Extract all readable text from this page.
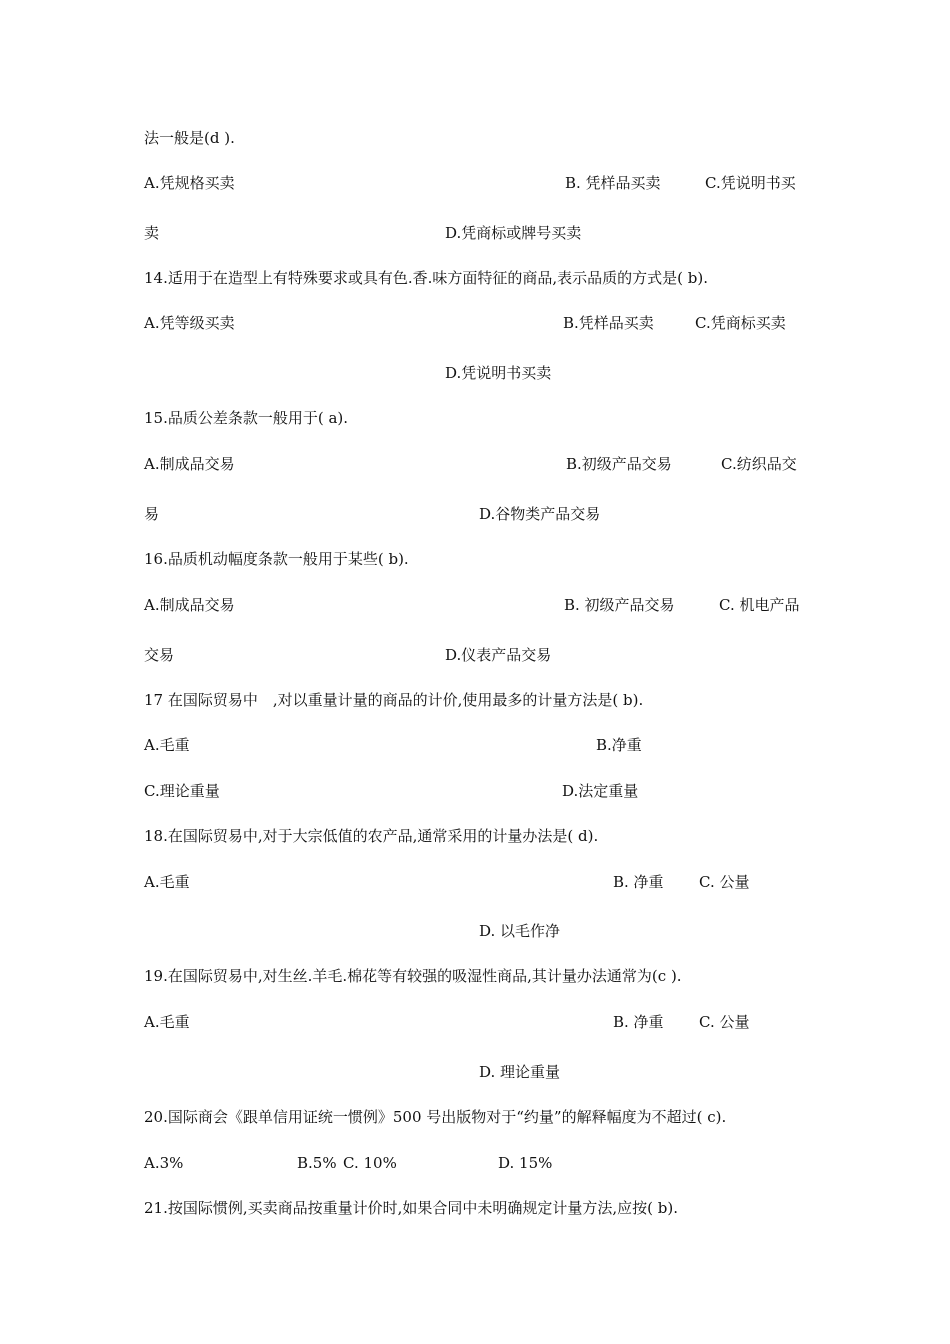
法一般是(d ).
A.凭规格买卖	B. 凭样品买卖	C.凭说明书买
卖	D.凭商标或牌号买卖
14.适用于在造型上有特殊要求或具有色.香.味方面特征的商品,表示品质的方式是( b).
A.凭等级买卖	B.凭样品买卖	C.凭商标买卖
D.凭说明书买卖
15.品质公差条款一般用于( a).
A.制成品交易	B.初级产品交易	C.纺织品交
易	D.谷物类产品交易
16.品质机动幅度条款一般用于某些( b).
A.制成品交易	B. 初级产品交易	C. 机电产品
交易	D.仪表产品交易
17 在国际贸易中　,对以重量计量的商品的计价,使用最多的计量方法是( b).
A.毛重	B.净重
C.理论重量	D.法定重量
18.在国际贸易中,对于大宗低值的农产品,通常采用的计量办法是( d).
A.毛重	B. 净重 C. 公量
D. 以毛作净
19.在国际贸易中,对生丝.羊毛.棉花等有较强的吸湿性商品,其计量办法通常为(c ).
A.毛重	B. 净重 C. 公量
D. 理论重量
20.国际商会《跟单信用证统一惯例》500 号出版物对于“约量”的解释幅度为不超过( c).
A.3%	B.5% C. 10%	D. 15%
21.按国际惯例,买卖商品按重量计价时,如果合同中未明确规定计量方法,应按( b).
